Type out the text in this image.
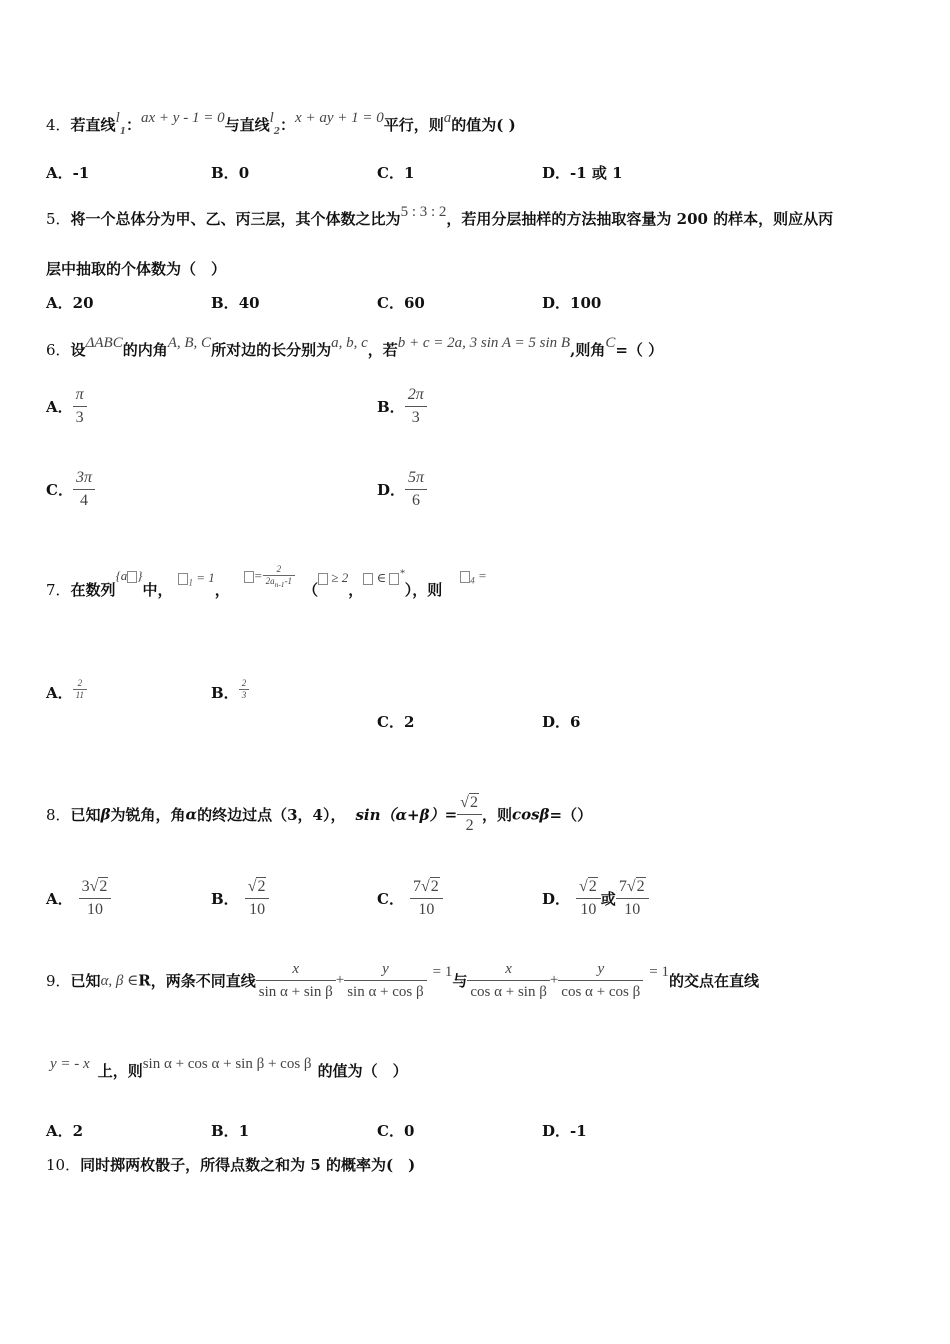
4．若直线$l_1$：ax + y - 1 = 0与直线$l_2$：x + ay + 1 = 0平行，则a的值为( )
A．-1	B．0	C．1	D．-1 或 1
5．将一个总体分为甲、乙、丙三层，其个体数之比为5 : 3 : 2，若用分层抽样的方法抽取容量为 200 的样本，则应从丙
层中抽取的个体数为（　）
A．20	B．40	C．60	D．100
6．设ΔABC的内角A, B, C所对边的长分别为a, b, c，若b + c = 2a, 3 sin A = 5 sin B,则角C=（ ）
A． $\frac{\pi}{3}$	B． $\frac{2\pi}{3}$
C． $\frac{3\pi}{4}$	D． $\frac{5\pi}{6}$
7．在数列{a }中， $_1$ = 1，= $\frac{2}{2a_{n-1}-1}$ （ ≥ 2， ∈ *），则$_4$ =
A． $\frac{2}{11}$	B． $\frac{2}{3}$
C．2	D．6
8．已知β为锐角，角α的终边过点（3，4）， $\sin(\alpha+\beta)= \frac{√2}{2}$ ，则cosβ=（）
A． $\frac{3√2}{10}$	B． $\frac{√2}{10}$	C． $\frac{7√2}{10}$	D． $\frac{√2}{10}$ 或 $\frac{7√2}{10}$
9．已知α, β ∈R，两条不同直线 $\frac{x}{\text{sin α + sin β}} + \frac{y}{\text{sin α + cos β}} = 1$与 $\frac{x}{\text{cos α + sin β}} + \frac{y}{\text{cos α + cos β}} = 1$的交点在直线
y = - x 上，则sin α + cos α + sin β + cos β 的值为（　）
A．2	B．1	C．0	D．-1
10．同时掷两枚骰子，所得点数之和为 5 的概率为(　)
